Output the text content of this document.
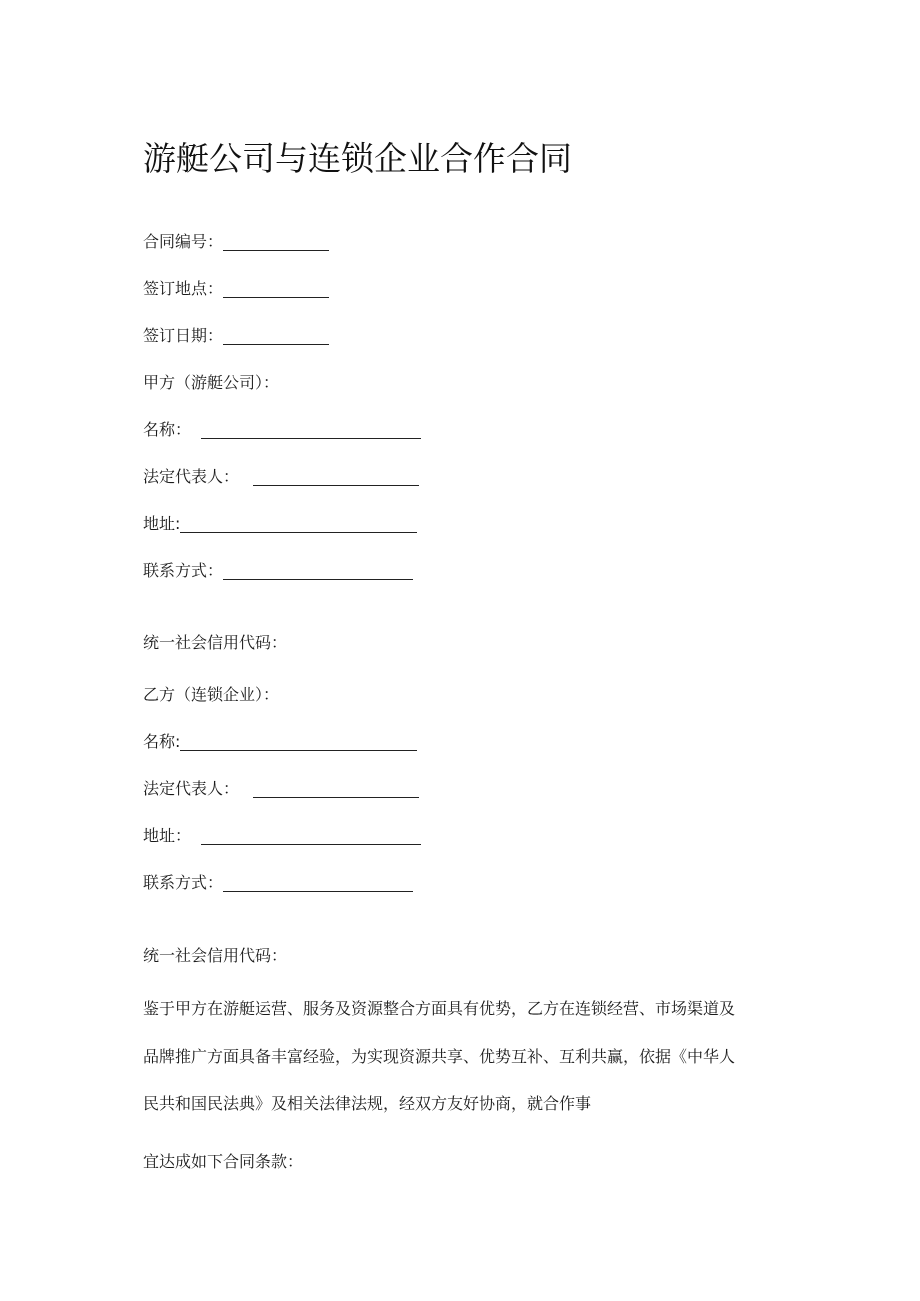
游艇公司与连锁企业合作合同
合同编号：
签订地点：
签订日期：
甲方（游艇公司）：
名称：
法定代表人：
地址:
联系方式：
统一社会信用代码：
乙方（连锁企业）：
名称:
法定代表人：
地址：
联系方式：
统一社会信用代码：
鉴于甲方在游艇运营、服务及资源整合方面具有优势，乙方在连锁经营、市场渠道及
品牌推广方面具备丰富经验，为实现资源共享、优势互补、互利共赢，依据《中华人
民共和国民法典》及相关法律法规，经双方友好协商，就合作事
宜达成如下合同条款：
